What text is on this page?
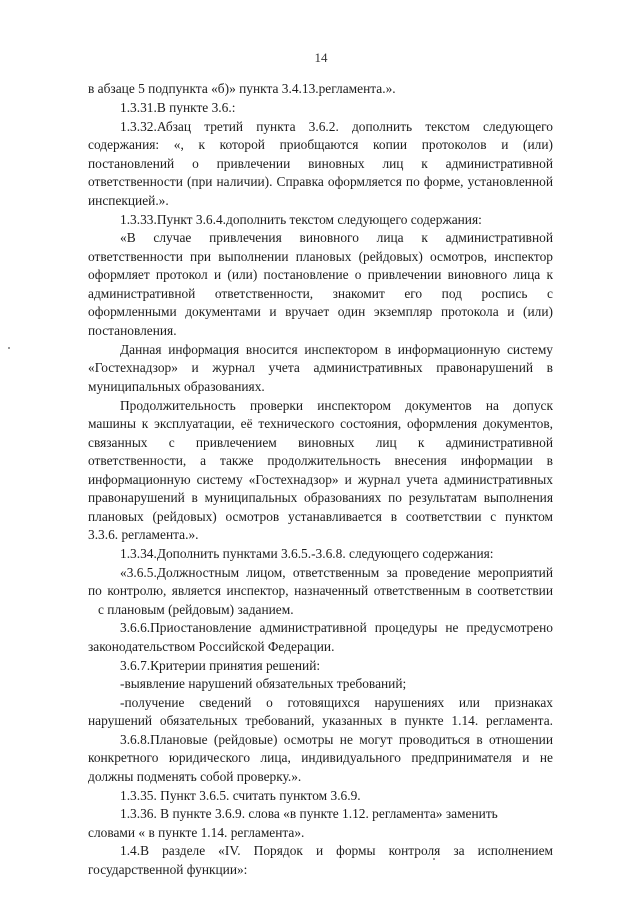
14
в абзаце 5 подпункта «б)» пункта 3.4.13.регламента.».
1.3.31.В пункте 3.6.:
1.3.32.Абзац третий пункта 3.6.2. дополнить текстом следующего
содержания: «, к которой приобщаются копии протоколов и (или)
постановлений о привлечении виновных лиц к административной
ответственности (при наличии). Справка оформляется по форме, установленной
инспекцией.».
1.3.33.Пункт 3.6.4.дополнить текстом следующего содержания:
«В случае привлечения виновного лица к административной
ответственности при выполнении плановых (рейдовых) осмотров, инспектор
оформляет протокол и (или) постановление о привлечении виновного лица к
административной ответственности, знакомит его под роспись с
оформленными документами и вручает один экземпляр протокола и (или)
постановления.
Данная информация вносится инспектором в информационную систему
«Гостехнадзор» и журнал учета административных правонарушений в
муниципальных образованиях.
Продолжительность проверки инспектором документов на допуск
машины к эксплуатации, её технического состояния, оформления документов,
связанных с привлечением виновных лиц к административной
ответственности, а также продолжительность внесения информации в
информационную систему «Гостехнадзор» и журнал учета административных
правонарушений в муниципальных образованиях по результатам выполнения
плановых (рейдовых) осмотров устанавливается в соответствии с пунктом
3.3.6. регламента.».
1.3.34.Дополнить пунктами 3.6.5.-3.6.8. следующего содержания:
«3.6.5.Должностным лицом, ответственным за проведение мероприятий
по контролю, является инспектор, назначенный ответственным в соответствии
с плановым (рейдовым) заданием.
3.6.6.Приостановление административной процедуры не предусмотрено
законодательством Российской Федерации.
3.6.7.Критерии принятия решений:
-выявление нарушений обязательных требований;
-получение сведений о готовящихся нарушениях или признаках
нарушений обязательных требований, указанных в пункте 1.14. регламента.
3.6.8.Плановые (рейдовые) осмотры не могут проводиться в отношении
конкретного юридического лица, индивидуального предпринимателя и не
должны подменять собой проверку.».
1.3.35. Пункт 3.6.5. считать пунктом 3.6.9.
1.3.36. В пункте 3.6.9. слова «в пункте 1.12. регламента» заменить
словами « в пункте 1.14. регламента».
1.4.В разделе «IV. Порядок и формы контроля за исполнением
государственной функции»:
